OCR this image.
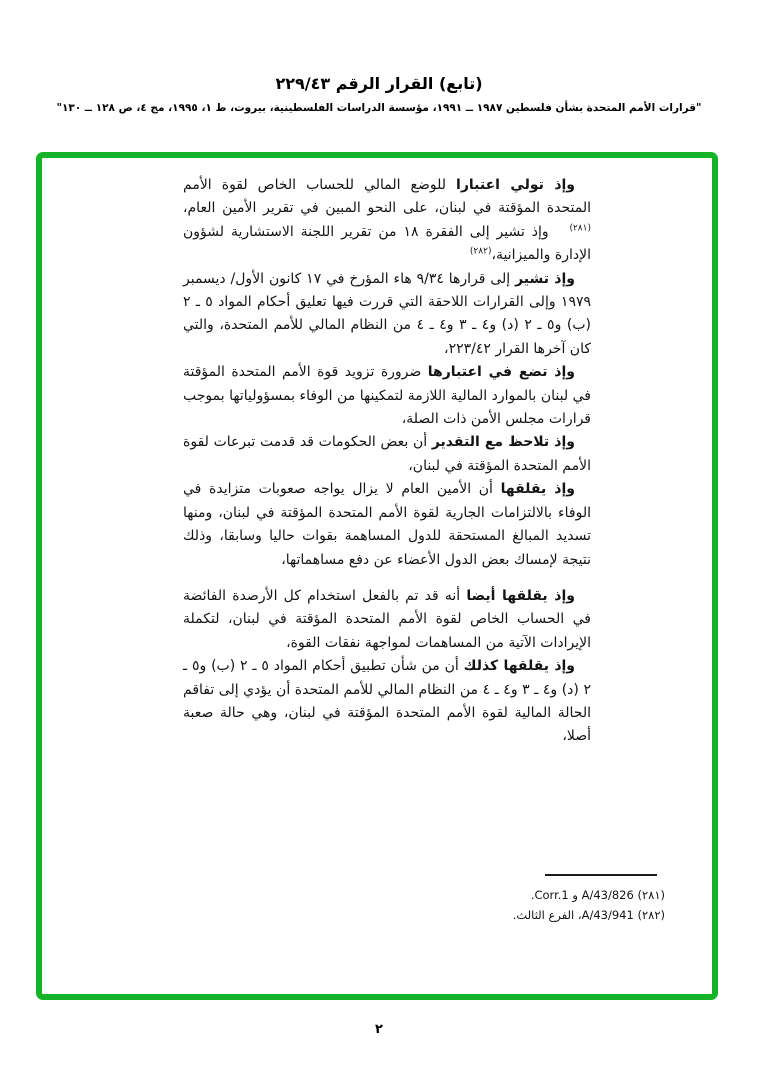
(تابع) القرار الرقم ٢٢٩/٤٣
"قرارات الأمم المتحدة بشأن فلسطين ١٩٨٧ ــ ١٩٩١، مؤسسة الدراسات الفلسطينية، بيروت، ط ١، ١٩٩٥، مج ٤، ص ١٢٨ ــ ١٣٠"

وإذ تولي اعتبارا للوضع المالي للحساب الخاص لقوة الأمم المتحدة المؤقتة في لبنان، على النحو المبين في تقرير الأمين العام،$^{(٢٨١)}$   وإذ تشير إلى الفقرة ١٨ من تقرير اللجنة الاستشارية لشؤون الإدارة والميزانية،$^{(٢٨٢)}$

وإذ تشير إلى قرارها ٩/٣٤ هاء المؤرخ في ١٧ كانون الأول/ ديسمبر ١٩٧٩ وإلى القرارات اللاحقة التي قررت فيها تعليق أحكام المواد ٥ ـ ٢ (ب) و٥ ـ ٢ (د) و٤ ـ ٣ و٤ ـ ٤ من النظام المالي للأمم المتحدة، والتي كان آخرها القرار ٢٢٣/٤٢،

وإذ تضع في اعتبارها ضرورة تزويد قوة الأمم المتحدة المؤقتة في لبنان بالموارد المالية اللازمة لتمكينها من الوفاء بمسؤولياتها بموجب قرارات مجلس الأمن ذات الصلة،

وإذ تلاحظ مع التقدير أن بعض الحكومات قد قدمت تبرعات لقوة الأمم المتحدة المؤقتة في لبنان،

وإذ يقلقها أن الأمين العام لا يزال يواجه صعوبات متزايدة في الوفاء بالالتزامات الجارية لقوة الأمم المتحدة المؤقتة في لبنان، ومنها تسديد المبالغ المستحقة للدول المساهمة بقوات حاليا وسابقا، وذلك نتيجة لإمساك بعض الدول الأعضاء عن دفع مساهماتها،

وإذ يقلقها أيضا أنه قد تم بالفعل استخدام كل الأرصدة الفائضة في الحساب الخاص لقوة الأمم المتحدة المؤقتة في لبنان، لتكملة الإيرادات الآتية من المساهمات لمواجهة نفقات القوة،

وإذ يقلقها كذلك أن من شأن تطبيق أحكام المواد ٥ ـ ٢ (ب) و٥ ـ ٢ (د) و٤ ـ ٣ و٤ ـ ٤ من النظام المالي للأمم المتحدة أن يؤدي إلى تفاقم الحالة المالية لقوة الأمم المتحدة المؤقتة في لبنان، وهي حالة صعبة أصلا،

(٢٨١) A/43/826 و Corr.1.
(٢٨٢) A/43/941، الفرع الثالث.
٢
